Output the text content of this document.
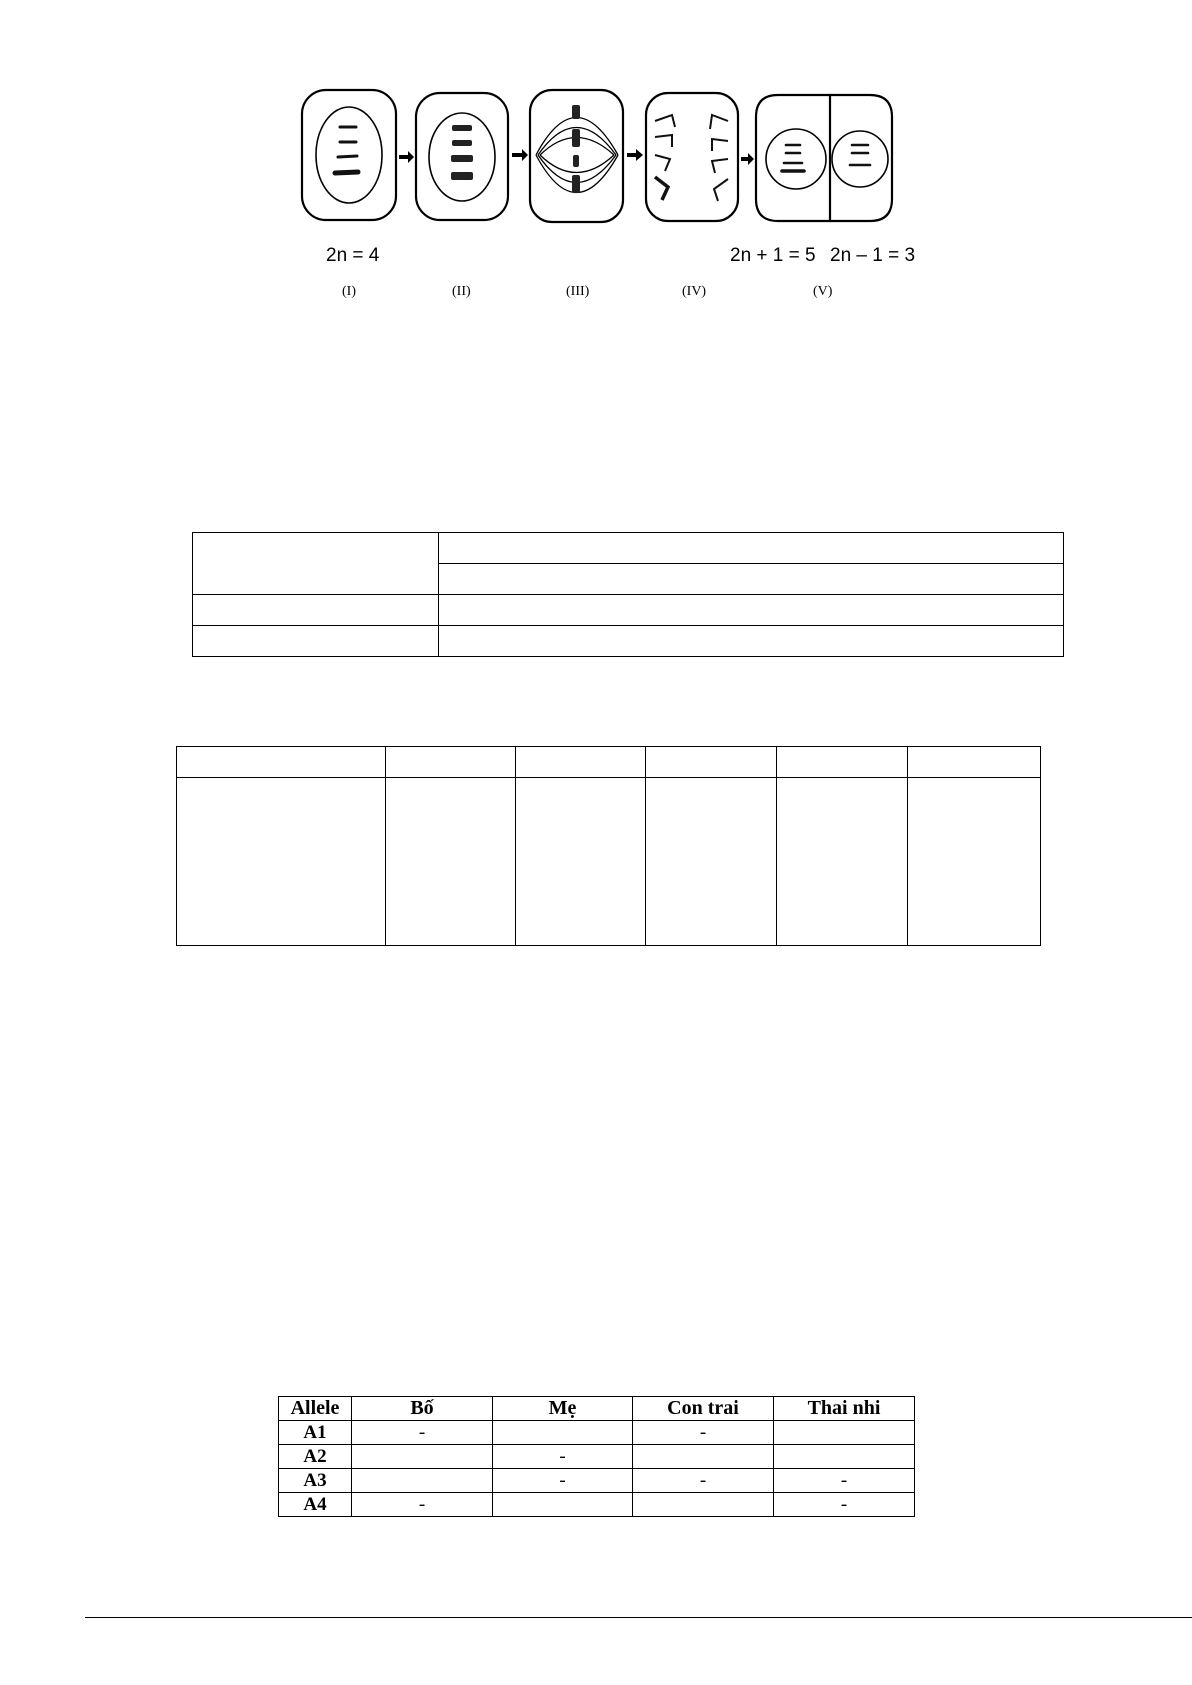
2n = 4	2n + 1 = 5 2n – 1 = 3
(I)	(II)	(III)	(IV)	(V)
Allele	Bố	Mẹ	Con trai	Thai nhi
A1	-		-	
A2		-		
A3		-	-	-
A4	-			-
